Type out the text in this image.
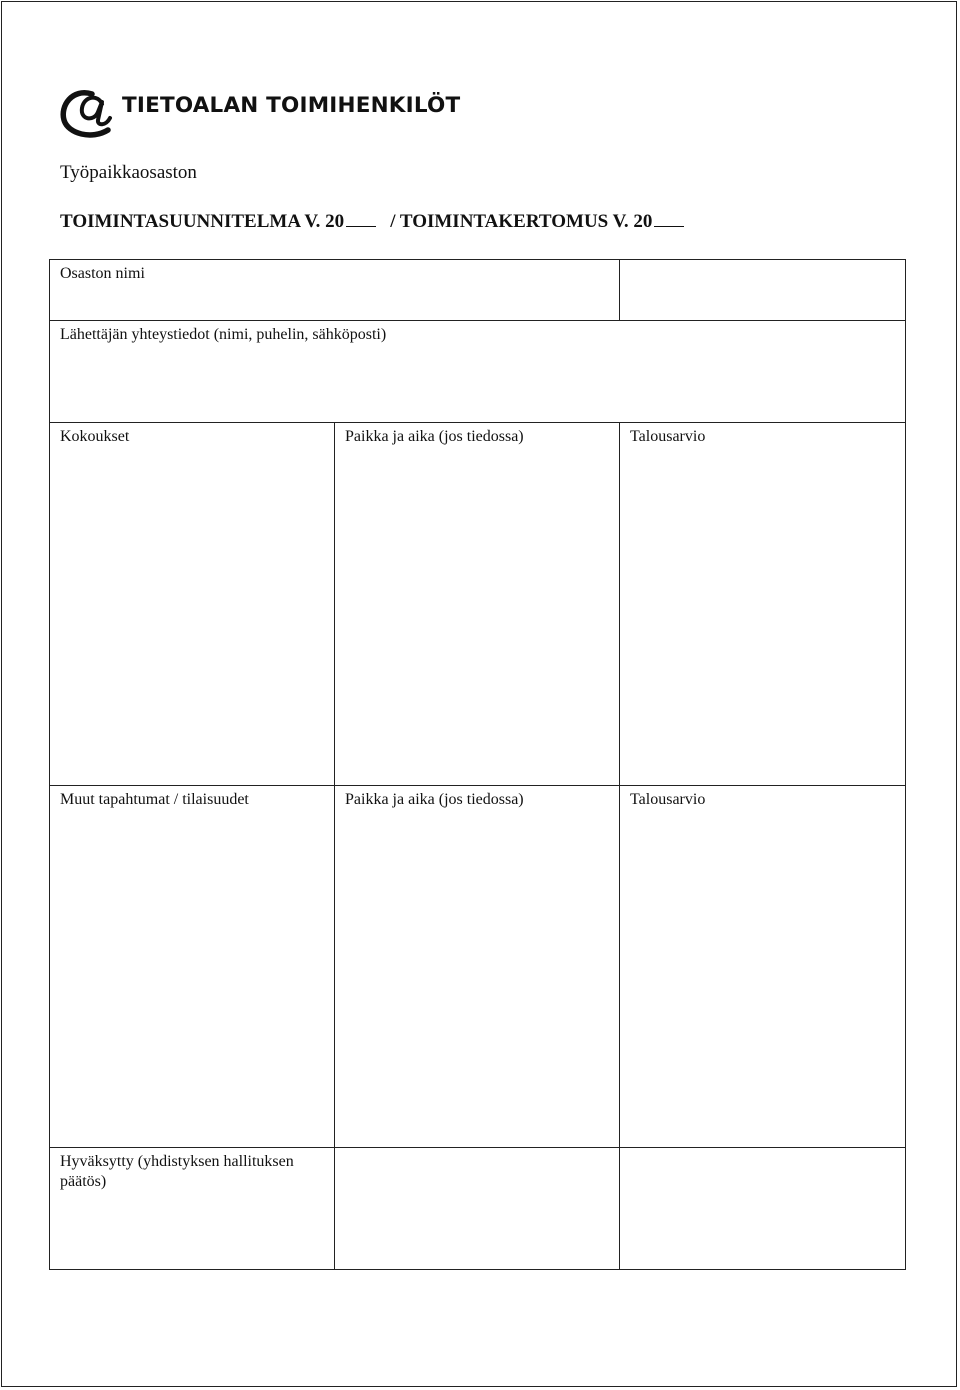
TIETOALAN TOIMIHENKILÖT
Työpaikkaosaston
TOIMINTASUUNNITELMA V. 20 / TOIMINTAKERTOMUS V. 20
Osaston nimi		
Lähettäjän yhteystiedot (nimi, puhelin, sähköposti)		
Kokoukset	Paikka ja aika (jos tiedossa)	Talousarvio
Muut tapahtumat / tilaisuudet	Paikka ja aika (jos tiedossa)	Talousarvio
Hyväksytty (yhdistyksen hallituksen päätös)		
